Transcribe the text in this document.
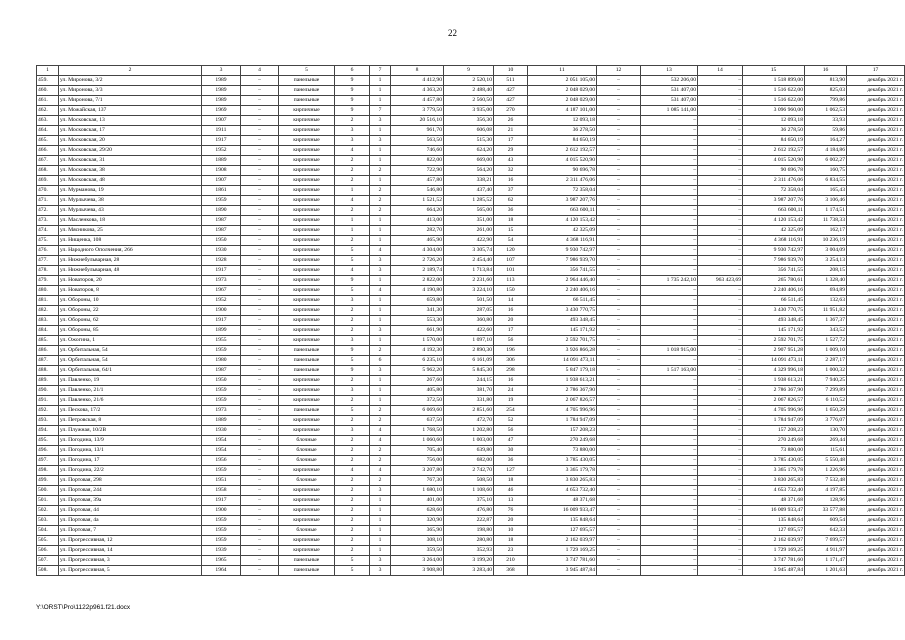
22
1	2	3	4	5	6	7	8	9	10	11	12	13	14	15	16	17
459.	ул. Миронова, 3/2	1989	–	панельные	9	1	4 412,90	2 520,10	511	2 051 105,00	–	532 206,00	–	1 518 899,00	813,90	декабрь 2021 г.
460.	ул. Миронова, 3/3	1989	–	панельные	9	1	4 363,20	2 488,40	427	2 048 029,00	–	531 407,00	–	1 516 622,00	825,03	декабрь 2021 г.
461.	ул. Миронова, 7/1	1989	–	панельные	9	1	4 457,80	2 560,50	427	2 048 029,00	–	531 407,00	–	1 516 622,00	799,86	декабрь 2021 г.
462.	ул. Можайская, 137	1969	–	кирпичные	9	7	3 779,50	3 935,00	270	4 187 101,00	–	1 085 141,00	–	3 096 960,00	1 062,53	декабрь 2021 г.
463.	ул. Московская, 13	1907	–	кирпичные	2	3	20 516,10	356,30	26	12 093,18	–	–	–	12 093,18	33,93	декабрь 2021 г.
464.	ул. Московская, 17	1911	–	кирпичные	3	1	961,70	606,08	21	36 278,50	–	–	–	36 278,50	59,86	декабрь 2021 г.
465.	ул. Московская, 20	1917	–	кирпичные	3	3	563,50	515,30	17	84 650,19	–	–	–	84 650,19	164,27	декабрь 2021 г.
466.	ул. Московская, 29/20	1952	–	кирпичные	4	1	746,60	624,20	29	2 612 192,57	–	–	–	2 612 192,57	4 184,86	декабрь 2021 г.
467.	ул. Московская, 31	1889	–	кирпичные	2	1	822,00	669,00	43	4 015 520,90	–	–	–	4 015 520,90	6 002,27	декабрь 2021 г.
468.	ул. Московская, 38	1908	–	кирпичные	2	2	722,90	564,20	32	90 696,78	–	–	–	90 696,78	160,75	декабрь 2021 г.
469.	ул. Московская, 48	1907	–	кирпичные	2	1	457,80	338,21	16	2 311 476,06	–	–	–	2 311 476,06	6 834,55	декабрь 2021 г.
470.	ул. Мурманова, 19	1861	–	кирпичные	1	2	546,80	437,40	37	72 358,04	–	–	–	72 358,04	165,43	декабрь 2021 г.
471.	ул. Мурлычева, 38	1959	–	кирпичные	4	2	1 521,52	1 285,52	62	3 987 207,76	–	–	–	3 987 207,76	3 106,46	декабрь 2021 г.
472.	ул. Мурлычева, 43	1890	–	кирпичные	2	2	664,20	565,00	36	663 600,11	–	–	–	663 600,11	1 174,51	декабрь 2021 г.
473.	ул. Масленкова, 18	1987	–	кирпичные	1	1	413,00	351,00	18	4 120 153,42	–	–	–	4 120 153,42	11 738,33	декабрь 2021 г.
474.	ул. Мясникова, 25	1987	–	кирпичные	1	1	282,70	261,00	15	42 325,09	–	–	–	42 325,09	162,17	декабрь 2021 г.
475.	ул. Нищенка, 108	1950	–	кирпичные	2	1	465,90	422,90	54	4 368 116,91	–	–	–	4 368 116,91	10 236,19	декабрь 2021 г.
476.	ул. Народного Ополчения, 266	1930	–	кирпичные	5	4	4 304,00	3 305,74	120	9 930 742,97	–	–	–	9 930 742,97	3 004,09	декабрь 2021 г.
477.	ул. Нижнебульварная, 28	1928	–	кирпичные	5	3	2 726,20	2 454,40	107	7 986 939,70	–	–	–	7 986 939,70	3 254,13	декабрь 2021 г.
478.	ул. Нижнебульварная, 48	1917	–	кирпичные	4	3	2 189,74	1 713,84	101	356 741,55	–	–	–	356 741,55	208,15	декабрь 2021 г.
479.	ул. Новаторов, 20	1973	–	кирпичные	9	1	2 822,00	2 231,60	113	2 964 446,40	–	1 735 242,10	963 423,69	265 780,61	1 328,40	декабрь 2021 г.
480.	ул. Новаторов, 8	1967	–	кирпичные	5	4	4 190,80	3 224,10	150	2 240 406,16	–	–	–	2 240 406,16	694,89	декабрь 2021 г.
481.	ул. Обороны, 10	1952	–	кирпичные	3	1	659,80	501,50	14	66 511,45	–	–	–	66 511,45	132,63	декабрь 2021 г.
482.	ул. Обороны, 22	1900	–	кирпичные	2	1	341,30	287,05	16	3 430 770,75	–	–	–	3 430 770,75	11 951,82	декабрь 2021 г.
483.	ул. Обороны, 62	1917	–	кирпичные	2	1	553,30	360,80	20	493 348,45	–	–	–	493 348,45	1 367,37	декабрь 2021 г.
484.	ул. Обороны, 85	1899	–	кирпичные	2	3	661,90	422,60	17	145 171,92	–	–	–	145 171,92	343,52	декабрь 2021 г.
485.	ул. Ожогина, 1	1955	–	кирпичные	3	1	1 570,00	1 097,10	56	2 592 701,75	–	–	–	2 592 701,75	1 527,72	декабрь 2021 г.
486.	ул. Орбитальная, 54	1959	–	панельные	9	2	4 192,30	2 890,30	196	3 926 866,28	–	1 018 915,00	–	2 907 951,28	1 009,10	декабрь 2021 г.
487.	ул. Орбитальная, 54	1980	–	панельные	5	6	6 235,10	6 161,09	306	14 091 473,11	–	–	–	14 091 473,11	2 287,17	декабрь 2021 г.
488.	ул. Орбитальная, 64/1	1987	–	панельные	9	3	5 962,20	5 845,30	298	5 847 179,18	–	1 517 163,00	–	4 329 996,18	1 000,32	декабрь 2021 г.
489.	ул. Павленко, 19	1950	–	кирпичные	2	1	267,60	244,15	16	1 938 613,21	–	–	–	1 938 613,21	7 940,25	декабрь 2021 г.
490.	ул. Павленко, 21/1	1959	–	кирпичные	3	1	405,80	381,70	24	2 786 367,90	–	–	–	2 786 367,90	7 299,89	декабрь 2021 г.
491.	ул. Павленко, 21/6	1959	–	кирпичные	2	1	372,50	331,80	19	2 067 826,57	–	–	–	2 067 826,57	6 110,52	декабрь 2021 г.
492.	ул. Пескова, 17/2	1973	–	панельные	5	2	6 069,60	2 851,60	254	4 705 996,96	–	–	–	4 705 996,96	1 650,29	декабрь 2021 г.
493.	ул. Петровская, 8	1889	–	кирпичные	2	2	637,50	472,70	52	1 784 947,09	–	–	–	1 784 947,09	3 776,07	декабрь 2021 г.
494.	ул. Плужная, 10/2В	1930	–	кирпичные	3	4	1 768,50	1 202,80	56	157 208,23	–	–	–	157 208,23	130,70	декабрь 2021 г.
495.	ул. Погодина, 13/9	1954	–	блочные	2	4	1 060,60	1 003,00	47	270 249,68	–	–	–	270 249,68	269,44	декабрь 2021 г.
496.	ул. Погодина, 13/1	1954	–	блочные	2	2	705,40	639,80	30	73 880,00	–	–	–	73 880,00	115,61	декабрь 2021 г.
497.	ул. Погодина, 17	1956	–	блочные	2	2	756,00	682,00	36	3 785 430,05	–	–	–	3 785 430,05	5 550,48	декабрь 2021 г.
498.	ул. Погодина, 22/2	1959	–	кирпичные	4	4	3 207,80	2 742,70	127	3 365 179,78	–	–	–	3 365 179,78	1 226,96	декабрь 2021 г.
499.	ул. Портовая, 298	1951	–	блочные	2	2	767,30	508,50	18	3 830 265,83	–	–	–	3 830 265,83	7 532,48	декабрь 2021 г.
500.	ул. Портовая, 244	1958	–	кирпичные	2	3	1 680,10	1 108,60	46	4 653 732,40	–	–	–	4 653 732,40	4 197,85	декабрь 2021 г.
501.	ул. Портовая, 39а	1917	–	кирпичные	2	1	401,00	375,10	13	48 371,68	–	–	–	48 371,68	128,96	декабрь 2021 г.
502.	ул. Портовая, 44	1900	–	кирпичные	2	1	628,60	476,80	76	16 009 933,47	–	–	–	16 009 933,47	33 577,88	декабрь 2021 г.
503.	ул. Портовая, 4а	1959	–	кирпичные	2	1	320,90	222,87	20	135 848,64	–	–	–	135 848,64	609,54	декабрь 2021 г.
504.	ул. Портовая, 7	1959	–	блочные	2	1	365,90	198,80	10	127 695,57	–	–	–	127 695,57	642,33	декабрь 2021 г.
505.	ул. Прогрессивная, 12	1959	–	кирпичные	2	1	308,10	280,80	18	2 162 039,97	–	–	–	2 162 039,97	7 699,57	декабрь 2021 г.
506.	ул. Прогрессивная, 14	1939	–	кирпичные	2	1	359,50	352,93	23	1 729 169,25	–	–	–	1 729 169,25	4 911,97	декабрь 2021 г.
507.	ул. Прогрессивная, 3	1965	–	панельные	5	3	3 264,00	3 199,20	210	3 747 781,60	–	–	–	3 747 781,60	1 171,47	декабрь 2021 г.
508.	ул. Прогрессивная, 5	1964	–	панельные	5	3	3 908,80	3 283,40	368	3 945 487,84	–	–	–	3 945 487,84	1 201,63	декабрь 2021 г.
Y:\ORST\Pro\1122p961.f21.docx
